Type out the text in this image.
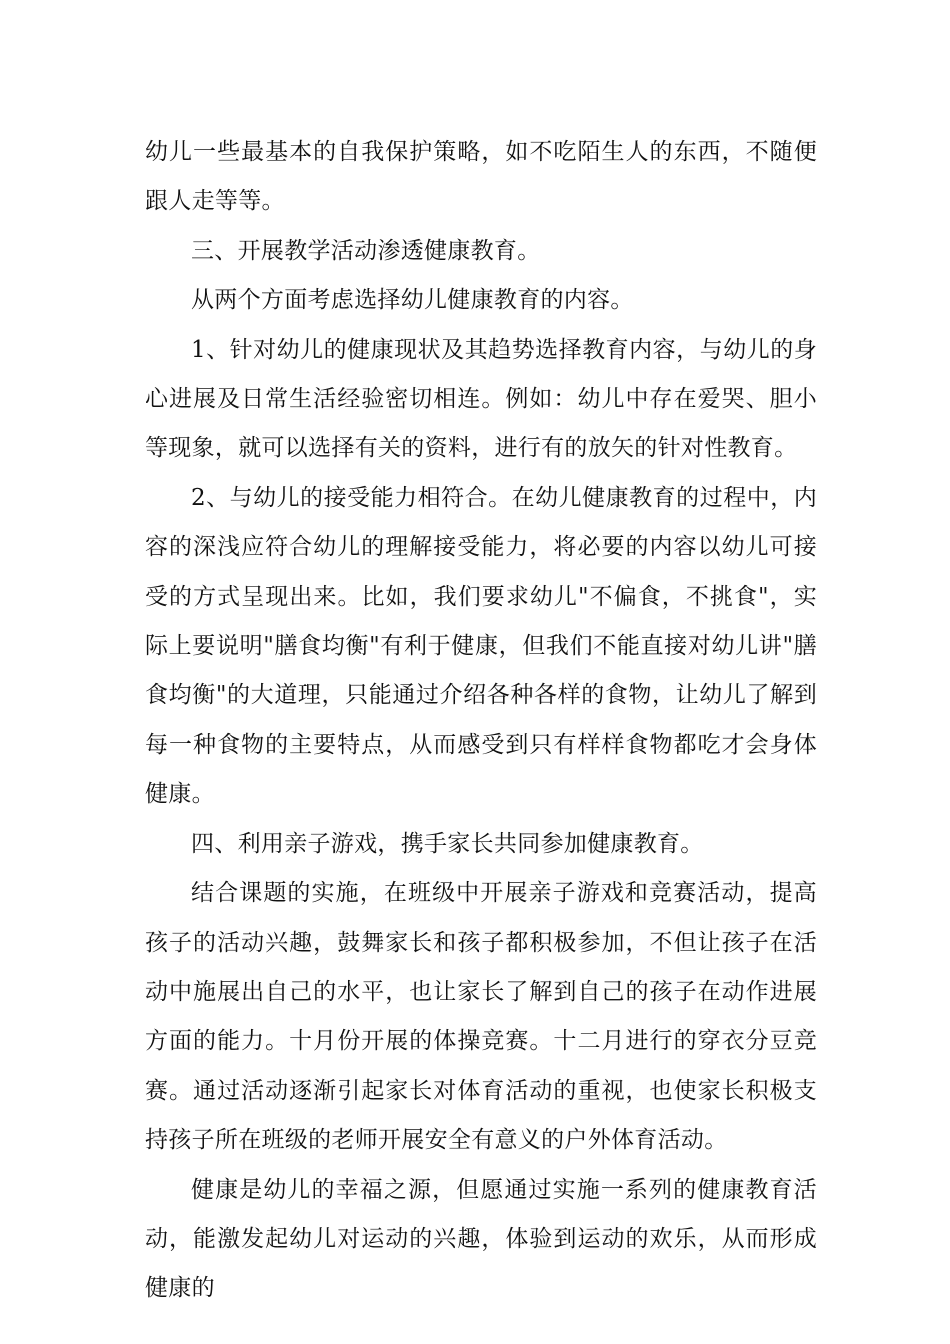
幼儿一些最基本的自我保护策略，如不吃陌生人的东西，不随便跟人走等等。

三、开展教学活动渗透健康教育。

从两个方面考虑选择幼儿健康教育的内容。

1、针对幼儿的健康现状及其趋势选择教育内容，与幼儿的身心进展及日常生活经验密切相连。例如：幼儿中存在爱哭、胆小等现象，就可以选择有关的资料，进行有的放矢的针对性教育。

2、与幼儿的接受能力相符合。在幼儿健康教育的过程中，内容的深浅应符合幼儿的理解接受能力，将必要的内容以幼儿可接受的方式呈现出来。比如，我们要求幼儿"不偏食，不挑食"，实际上要说明"膳食均衡"有利于健康，但我们不能直接对幼儿讲"膳食均衡"的大道理，只能通过介绍各种各样的食物，让幼儿了解到每一种食物的主要特点，从而感受到只有样样食物都吃才会身体健康。

四、利用亲子游戏，携手家长共同参加健康教育。

结合课题的实施，在班级中开展亲子游戏和竞赛活动，提高孩子的活动兴趣，鼓舞家长和孩子都积极参加，不但让孩子在活动中施展出自己的水平，也让家长了解到自己的孩子在动作进展方面的能力。十月份开展的体操竞赛。十二月进行的穿衣分豆竞赛。通过活动逐渐引起家长对体育活动的重视，也使家长积极支持孩子所在班级的老师开展安全有意义的户外体育活动。

健康是幼儿的幸福之源，但愿通过实施一系列的健康教育活动，能激发起幼儿对运动的兴趣，体验到运动的欢乐，从而形成健康的
